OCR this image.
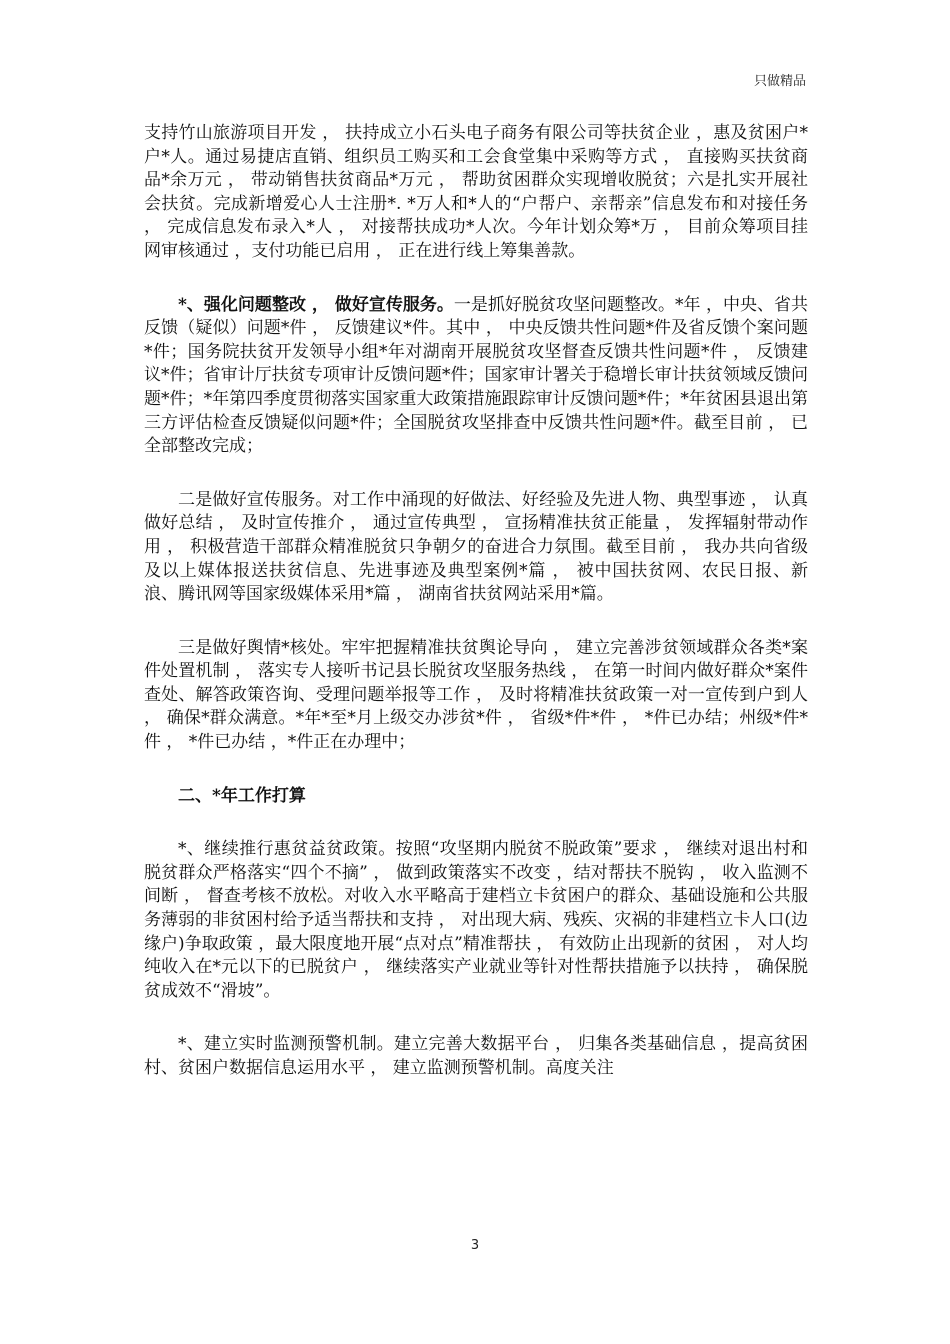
只做精品

支持竹山旅游项目开发 ， 扶持成立小石头电子商务有限公司等扶贫企业 ，惠及贫困户*户*人。通过易捷店直销、组织员工购买和工会食堂集中采购等方式 ， 直接购买扶贫商品*余万元 ， 带动销售扶贫商品*万元 ， 帮助贫困群众实现增收脱贫；六是扎实开展社会扶贫。完成新增爱心人士注册*. *万人和*人的“户帮户、亲帮亲”信息发布和对接任务 ， 完成信息发布录入*人 ， 对接帮扶成功*人次。今年计划众筹*万 ， 目前众筹项目挂网审核通过 ，支付功能已启用 ， 正在进行线上筹集善款。

*、强化问题整改 ， 做好宣传服务。一是抓好脱贫攻坚问题整改。*年 ，中央、省共反馈（疑似）问题*件 ， 反馈建议*件。其中 ， 中央反馈共性问题*件及省反馈个案问题*件；国务院扶贫开发领导小组*年对湖南开展脱贫攻坚督查反馈共性问题*件 ， 反馈建议*件；省审计厅扶贫专项审计反馈问题*件；国家审计署关于稳增长审计扶贫领域反馈问题*件；*年第四季度贯彻落实国家重大政策措施跟踪审计反馈问题*件；*年贫困县退出第三方评估检查反馈疑似问题*件；全国脱贫攻坚排查中反馈共性问题*件。截至目前 ， 已全部整改完成；

二是做好宣传服务。对工作中涌现的好做法、好经验及先进人物、典型事迹 ， 认真做好总结 ， 及时宣传推介 ， 通过宣传典型 ， 宣扬精准扶贫正能量 ， 发挥辐射带动作用 ， 积极营造干部群众精准脱贫只争朝夕的奋进合力氛围。截至目前 ， 我办共向省级及以上媒体报送扶贫信息、先进事迹及典型案例*篇 ， 被中国扶贫网、农民日报、新浪、腾讯网等国家级媒体采用*篇 ， 湖南省扶贫网站采用*篇。

三是做好舆情*核处。牢牢把握精准扶贫舆论导向 ， 建立完善涉贫领域群众各类*案件处置机制 ， 落实专人接听书记县长脱贫攻坚服务热线 ， 在第一时间内做好群众*案件查处、解答政策咨询、受理问题举报等工作 ， 及时将精准扶贫政策一对一宣传到户到人 ， 确保*群众满意。*年*至*月上级交办涉贫*件 ， 省级*件*件 ， *件已办结；州级*件*件 ， *件已办结 ，*件正在办理中；

二、*年工作打算

*、继续推行惠贫益贫政策。按照“攻坚期内脱贫不脱政策”要求 ， 继续对退出村和脱贫群众严格落实“四个不摘” ， 做到政策落实不改变 ，结对帮扶不脱钩 ， 收入监测不间断 ， 督查考核不放松。对收入水平略高于建档立卡贫困户的群众、基础设施和公共服务薄弱的非贫困村给予适当帮扶和支持 ， 对出现大病、残疾、灾祸的非建档立卡人口(边缘户)争取政策 ，最大限度地开展“点对点”精准帮扶 ， 有效防止出现新的贫困 ， 对人均纯收入在*元以下的已脱贫户 ， 继续落实产业就业等针对性帮扶措施予以扶持 ， 确保脱贫成效不“滑坡”。

*、建立实时监测预警机制。建立完善大数据平台 ， 归集各类基础信息 ，提高贫困村、贫困户数据信息运用水平 ， 建立监测预警机制。高度关注

3
